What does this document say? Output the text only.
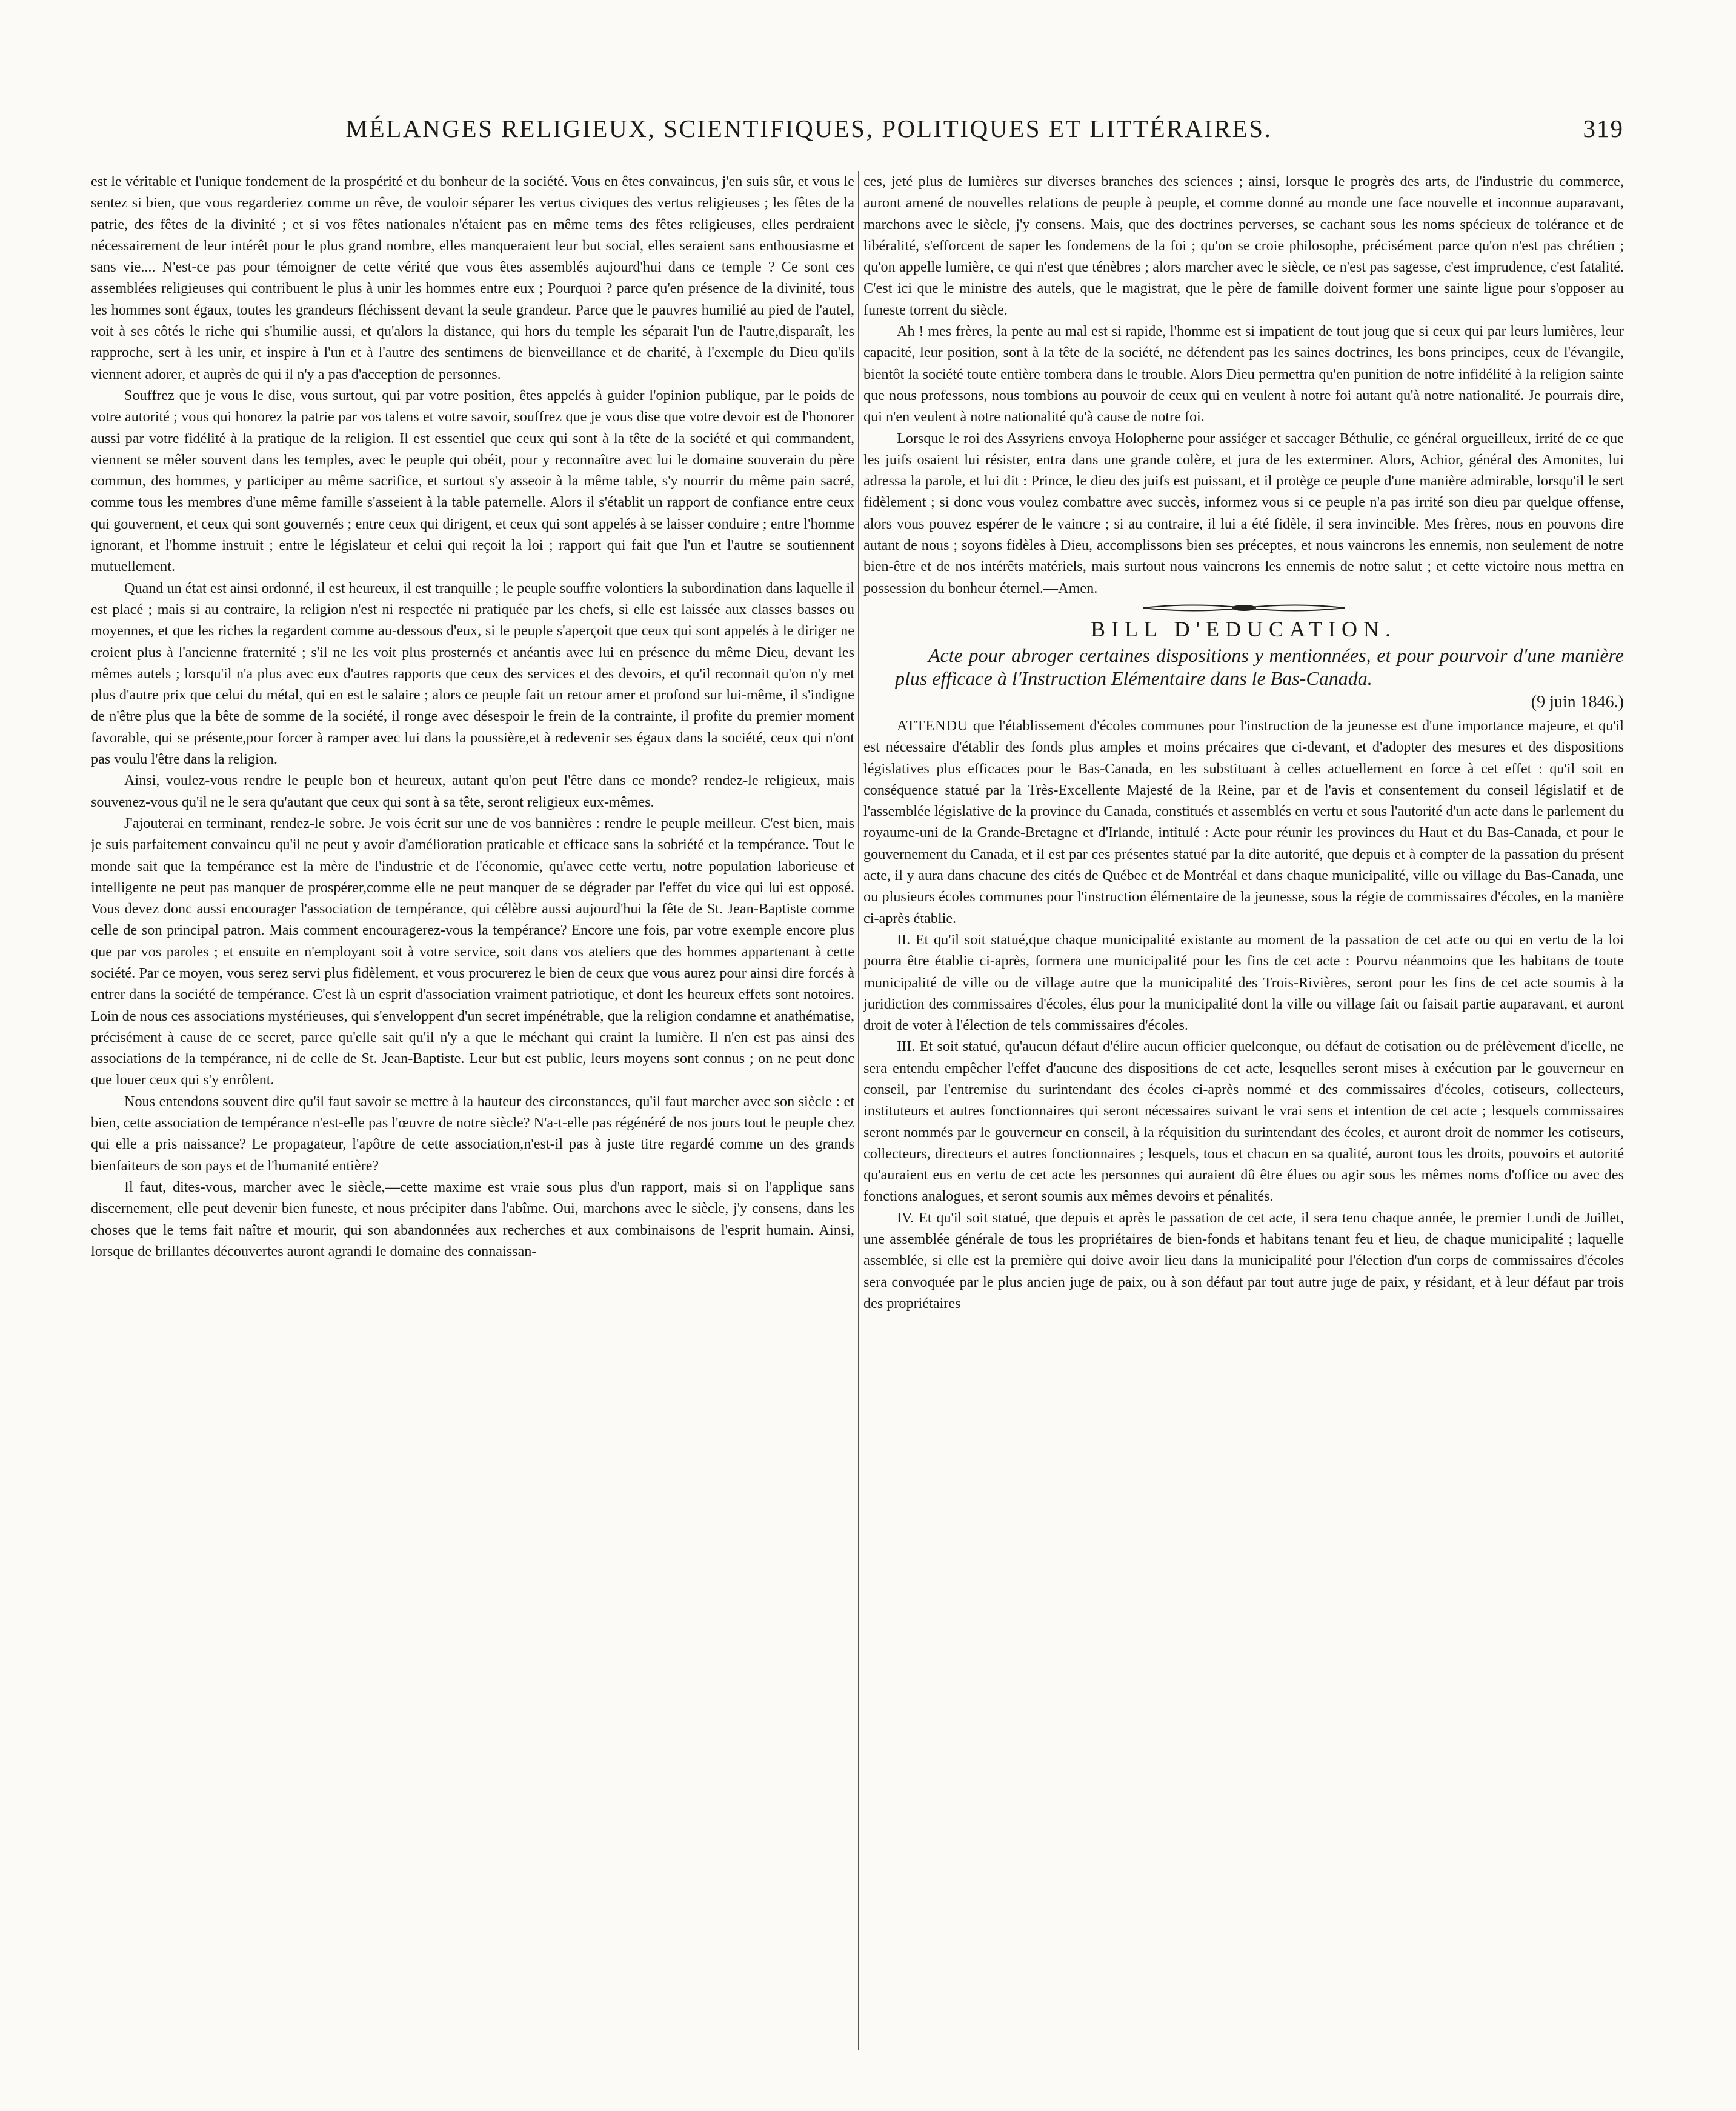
MÉLANGES RELIGIEUX, SCIENTIFIQUES, POLITIQUES ET LITTÉRAIRES.	319

est le véritable et l'unique fondement de la prospérité et du bonheur de la société. Vous en êtes convaincus, j'en suis sûr, et vous le sentez si bien, que vous regarderiez comme un rêve, de vouloir séparer les vertus civiques des vertus religieuses ; les fêtes de la patrie, des fêtes de la divinité ; et si vos fêtes nationales n'étaient pas en même tems des fêtes religieuses, elles perdraient nécessairement de leur intérêt pour le plus grand nombre, elles manqueraient leur but social, elles seraient sans enthousiasme et sans vie.... N'est-ce pas pour témoigner de cette vérité que vous êtes assemblés aujourd'hui dans ce temple ? Ce sont ces assemblées religieuses qui contribuent le plus à unir les hommes entre eux ; Pourquoi ? parce qu'en présence de la divinité, tous les hommes sont égaux, toutes les grandeurs fléchissent devant la seule grandeur. Parce que le pauvres humilié au pied de l'autel, voit à ses côtés le riche qui s'humilie aussi, et qu'alors la distance, qui hors du temple les séparait l'un de l'autre,disparaît, les rapproche, sert à les unir, et inspire à l'un et à l'autre des sentimens de bienveillance et de charité, à l'exemple du Dieu qu'ils viennent adorer, et auprès de qui il n'y a pas d'acception de personnes.

Souffrez que je vous le dise, vous surtout, qui par votre position, êtes appelés à guider l'opinion publique, par le poids de votre autorité ; vous qui honorez la patrie par vos talens et votre savoir, souffrez que je vous dise que votre devoir est de l'honorer aussi par votre fidélité à la pratique de la religion. Il est essentiel que ceux qui sont à la tête de la société et qui commandent, viennent se mêler souvent dans les temples, avec le peuple qui obéit, pour y reconnaître avec lui le domaine souverain du père commun, des hommes, y participer au même sacrifice, et surtout s'y asseoir à la même table, s'y nourrir du même pain sacré, comme tous les membres d'une même famille s'asseient à la table paternelle. Alors il s'établit un rapport de confiance entre ceux qui gouvernent, et ceux qui sont gouvernés ; entre ceux qui dirigent, et ceux qui sont appelés à se laisser conduire ; entre l'homme ignorant, et l'homme instruit ; entre le législateur et celui qui reçoit la loi ; rapport qui fait que l'un et l'autre se soutiennent mutuellement.

Quand un état est ainsi ordonné, il est heureux, il est tranquille ; le peuple souffre volontiers la subordination dans laquelle il est placé ; mais si au contraire, la religion n'est ni respectée ni pratiquée par les chefs, si elle est laissée aux classes basses ou moyennes, et que les riches la regardent comme au-dessous d'eux, si le peuple s'aperçoit que ceux qui sont appelés à le diriger ne croient plus à l'ancienne fraternité ; s'il ne les voit plus prosternés et anéantis avec lui en présence du même Dieu, devant les mêmes autels ; lorsqu'il n'a plus avec eux d'autres rapports que ceux des services et des devoirs, et qu'il reconnait qu'on n'y met plus d'autre prix que celui du métal, qui en est le salaire ; alors ce peuple fait un retour amer et profond sur lui-même, il s'indigne de n'être plus que la bête de somme de la société, il ronge avec désespoir le frein de la contrainte, il profite du premier moment favorable, qui se présente,pour forcer à ramper avec lui dans la poussière,et à redevenir ses égaux dans la société, ceux qui n'ont pas voulu l'être dans la religion.

Ainsi, voulez-vous rendre le peuple bon et heureux, autant qu'on peut l'être dans ce monde? rendez-le religieux, mais souvenez-vous qu'il ne le sera qu'autant que ceux qui sont à sa tête, seront religieux eux-mêmes.

J'ajouterai en terminant, rendez-le sobre. Je vois écrit sur une de vos bannières : rendre le peuple meilleur. C'est bien, mais je suis parfaitement convaincu qu'il ne peut y avoir d'amélioration praticable et efficace sans la sobriété et la tempérance. Tout le monde sait que la tempérance est la mère de l'industrie et de l'économie, qu'avec cette vertu, notre population laborieuse et intelligente ne peut pas manquer de prospérer,comme elle ne peut manquer de se dégrader par l'effet du vice qui lui est opposé. Vous devez donc aussi encourager l'association de tempérance, qui célèbre aussi aujourd'hui la fête de St. Jean-Baptiste comme celle de son principal patron. Mais comment encouragerez-vous la tempérance? Encore une fois, par votre exemple encore plus que par vos paroles ; et ensuite en n'employant soit à votre service, soit dans vos ateliers que des hommes appartenant à cette société. Par ce moyen, vous serez servi plus fidèlement, et vous procurerez le bien de ceux que vous aurez pour ainsi dire forcés à entrer dans la société de tempérance. C'est là un esprit d'association vraiment patriotique, et dont les heureux effets sont notoires. Loin de nous ces associations mystérieuses, qui s'enveloppent d'un secret impénétrable, que la religion condamne et anathématise, précisément à cause de ce secret, parce qu'elle sait qu'il n'y a que le méchant qui craint la lumière. Il n'en est pas ainsi des associations de la tempérance, ni de celle de St. Jean-Baptiste. Leur but est public, leurs moyens sont connus ; on ne peut donc que louer ceux qui s'y enrôlent.

Nous entendons souvent dire qu'il faut savoir se mettre à la hauteur des circonstances, qu'il faut marcher avec son siècle : et bien, cette association de tempérance n'est-elle pas l'œuvre de notre siècle? N'a-t-elle pas régénéré de nos jours tout le peuple chez qui elle a pris naissance? Le propagateur, l'apôtre de cette association,n'est-il pas à juste titre regardé comme un des grands bienfaiteurs de son pays et de l'humanité entière?

Il faut, dites-vous, marcher avec le siècle,—cette maxime est vraie sous plus d'un rapport, mais si on l'applique sans discernement, elle peut devenir bien funeste, et nous précipiter dans l'abîme. Oui, marchons avec le siècle, j'y consens, dans les choses que le tems fait naître et mourir, qui son abandonnées aux recherches et aux combinaisons de l'esprit humain. Ainsi, lorsque de brillantes découvertes auront agrandi le domaine des connaissan-

ces, jeté plus de lumières sur diverses branches des sciences ; ainsi, lorsque le progrès des arts, de l'industrie du commerce, auront amené de nouvelles relations de peuple à peuple, et comme donné au monde une face nouvelle et inconnue auparavant, marchons avec le siècle, j'y consens. Mais, que des doctrines perverses, se cachant sous les noms spécieux de tolérance et de libéralité, s'efforcent de saper les fondemens de la foi ; qu'on se croie philosophe, précisément parce qu'on n'est pas chrétien ; qu'on appelle lumière, ce qui n'est que ténèbres ; alors marcher avec le siècle, ce n'est pas sagesse, c'est imprudence, c'est fatalité. C'est ici que le ministre des autels, que le magistrat, que le père de famille doivent former une sainte ligue pour s'opposer au funeste torrent du siècle.

Ah ! mes frères, la pente au mal est si rapide, l'homme est si impatient de tout joug que si ceux qui par leurs lumières, leur capacité, leur position, sont à la tête de la société, ne défendent pas les saines doctrines, les bons principes, ceux de l'évangile, bientôt la société toute entière tombera dans le trouble. Alors Dieu permettra qu'en punition de notre infidélité à la religion sainte que nous professons, nous tombions au pouvoir de ceux qui en veulent à notre foi autant qu'à notre nationalité. Je pourrais dire, qui n'en veulent à notre nationalité qu'à cause de notre foi.

Lorsque le roi des Assyriens envoya Holopherne pour assiéger et saccager Béthulie, ce général orgueilleux, irrité de ce que les juifs osaient lui résister, entra dans une grande colère, et jura de les exterminer. Alors, Achior, général des Amonites, lui adressa la parole, et lui dit : Prince, le dieu des juifs est puissant, et il protège ce peuple d'une manière admirable, lorsqu'il le sert fidèlement ; si donc vous voulez combattre avec succès, informez vous si ce peuple n'a pas irrité son dieu par quelque offense, alors vous pouvez espérer de le vaincre ; si au contraire, il lui a été fidèle, il sera invincible. Mes frères, nous en pouvons dire autant de nous ; soyons fidèles à Dieu, accomplissons bien ses préceptes, et nous vaincrons les ennemis, non seulement de notre bien-être et de nos intérêts matériels, mais surtout nous vaincrons les ennemis de notre salut ; et cette victoire nous mettra en possession du bonheur éternel.—Amen.

BILL D'EDUCATION.

Acte pour abroger certaines dispositions y mentionnées, et pour pourvoir d'une manière plus efficace à l'Instruction Elémentaire dans le Bas-Canada.

(9 juin 1846.)

ATTENDU que l'établissement d'écoles communes pour l'instruction de la jeunesse est d'une importance majeure, et qu'il est nécessaire d'établir des fonds plus amples et moins précaires que ci-devant, et d'adopter des mesures et des dispositions législatives plus efficaces pour le Bas-Canada, en les substituant à celles actuellement en force à cet effet : qu'il soit en conséquence statué par la Très-Excellente Majesté de la Reine, par et de l'avis et consentement du conseil législatif et de l'assemblée législative de la province du Canada, constitués et assemblés en vertu et sous l'autorité d'un acte dans le parlement du royaume-uni de la Grande-Bretagne et d'Irlande, intitulé : Acte pour réunir les provinces du Haut et du Bas-Canada, et pour le gouvernement du Canada, et il est par ces présentes statué par la dite autorité, que depuis et à compter de la passation du présent acte, il y aura dans chacune des cités de Québec et de Montréal et dans chaque municipalité, ville ou village du Bas-Canada, une ou plusieurs écoles communes pour l'instruction élémentaire de la jeunesse, sous la régie de commissaires d'écoles, en la manière ci-après établie.

II. Et qu'il soit statué,que chaque municipalité existante au moment de la passation de cet acte ou qui en vertu de la loi pourra être établie ci-après, formera une municipalité pour les fins de cet acte : Pourvu néanmoins que les habitans de toute municipalité de ville ou de village autre que la municipalité des Trois-Rivières, seront pour les fins de cet acte soumis à la juridiction des commissaires d'écoles, élus pour la municipalité dont la ville ou village fait ou faisait partie auparavant, et auront droit de voter à l'élection de tels commissaires d'écoles.

III. Et soit statué, qu'aucun défaut d'élire aucun officier quelconque, ou défaut de cotisation ou de prélèvement d'icelle, ne sera entendu empêcher l'effet d'aucune des dispositions de cet acte, lesquelles seront mises à exécution par le gouverneur en conseil, par l'entremise du surintendant des écoles ci-après nommé et des commissaires d'écoles, cotiseurs, collecteurs, instituteurs et autres fonctionnaires qui seront nécessaires suivant le vrai sens et intention de cet acte ; lesquels commissaires seront nommés par le gouverneur en conseil, à la réquisition du surintendant des écoles, et auront droit de nommer les cotiseurs, collecteurs, directeurs et autres fonctionnaires ; lesquels, tous et chacun en sa qualité, auront tous les droits, pouvoirs et autorité qu'auraient eus en vertu de cet acte les personnes qui auraient dû être élues ou agir sous les mêmes noms d'office ou avec des fonctions analogues, et seront soumis aux mêmes devoirs et pénalités.

IV. Et qu'il soit statué, que depuis et après le passation de cet acte, il sera tenu chaque année, le premier Lundi de Juillet, une assemblée générale de tous les propriétaires de bien-fonds et habitans tenant feu et lieu, de chaque municipalité ; laquelle assemblée, si elle est la première qui doive avoir lieu dans la municipalité pour l'élection d'un corps de commissaires d'écoles sera convoquée par le plus ancien juge de paix, ou à son défaut par tout autre juge de paix, y résidant, et à leur défaut par trois des propriétaires
